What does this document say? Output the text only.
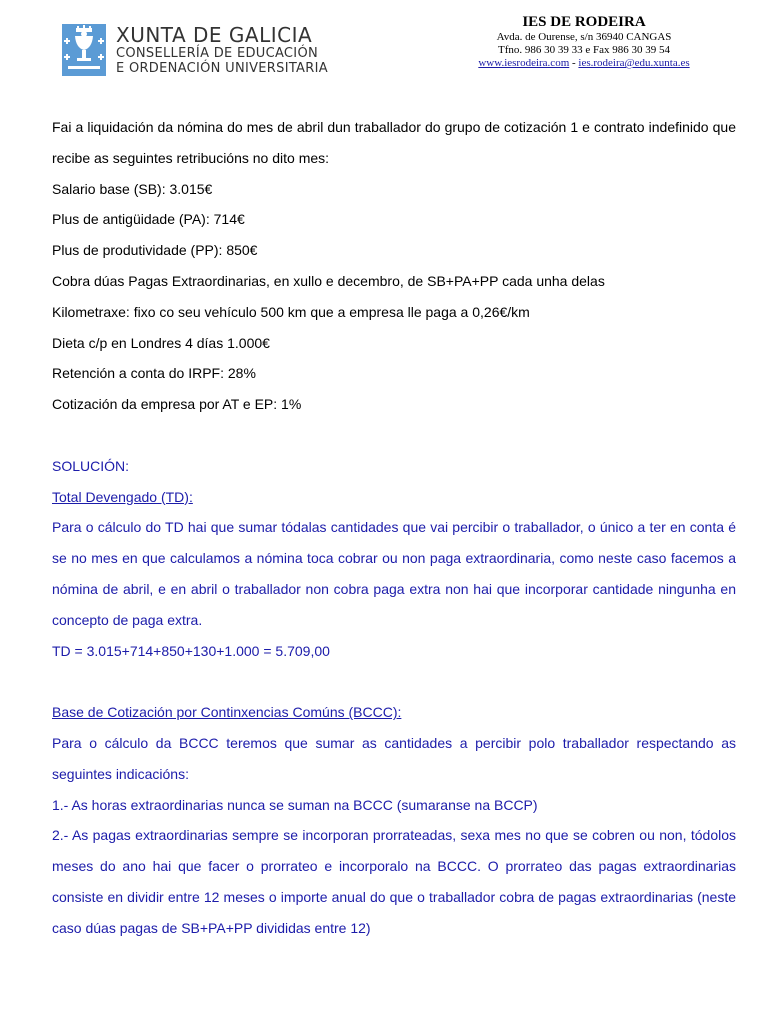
XUNTA DE GALICIA
CONSELLERÍA DE EDUCACIÓN
E ORDENACIÓN UNIVERSITARIA
IES DE RODEIRA
Avda. de Ourense, s/n 36940 CANGAS
Tfno. 986 30 39 33 e Fax 986 30 39 54
www.iesrodeira.com - ies.rodeira@edu.xunta.es

Fai a liquidación da nómina do mes de abril dun traballador do grupo de cotización 1 e contrato indefinido que recibe as seguintes retribucións no dito mes:

Salario base (SB): 3.015€

Plus de antigüidade (PA): 714€

Plus de produtividade (PP): 850€

Cobra dúas Pagas Extraordinarias, en xullo e decembro, de SB+PA+PP cada unha delas

Kilometraxe: fixo co seu vehículo 500 km que a empresa lle paga a 0,26€/km

Dieta c/p en Londres 4 días 1.000€

Retención a conta do IRPF: 28%

Cotización da empresa por AT e EP: 1%

SOLUCIÓN:

Total Devengado (TD):

Para o cálculo do TD hai que sumar tódalas cantidades que vai percibir o traballador, o único a ter en conta é se no mes en que calculamos a nómina toca cobrar ou non paga extraordinaria, como neste caso facemos a nómina de abril, e en abril o traballador non cobra paga extra non hai que incorporar cantidade ningunha en concepto de paga extra.

TD = 3.015+714+850+130+1.000 = 5.709,00

Base de Cotización por Continxencias Comúns (BCCC):

Para o cálculo da BCCC teremos que sumar as cantidades a percibir polo traballador respectando as seguintes indicacións:

1.- As horas extraordinarias nunca se suman na BCCC (sumaranse na BCCP)

2.- As pagas extraordinarias sempre se incorporan prorrateadas, sexa mes no que se cobren ou non, tódolos meses do ano hai que facer o prorrateo e incorporalo na BCCC. O prorrateo das pagas extraordinarias consiste en dividir entre 12 meses o importe anual do que o traballador cobra de pagas extraordinarias (neste caso dúas pagas de SB+PA+PP divididas entre 12)
